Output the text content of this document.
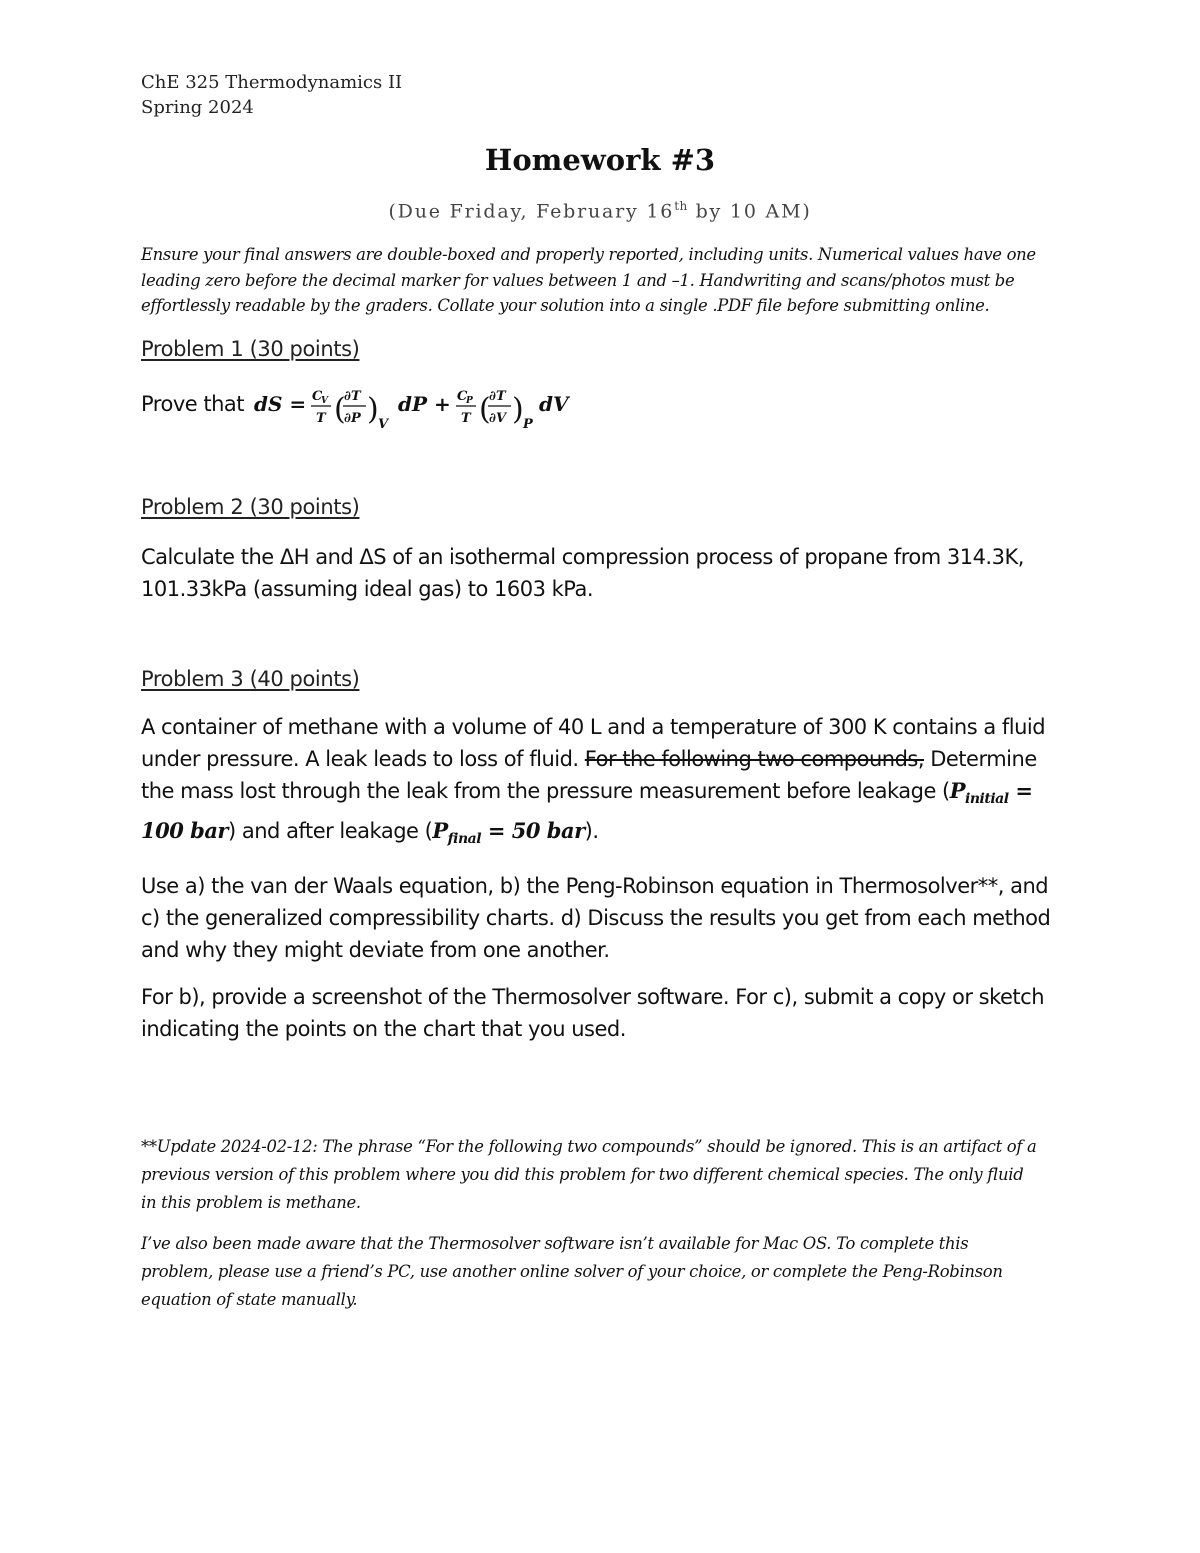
ChE 325 Thermodynamics II
Spring 2024
Homework #3
(Due Friday, February 16th by 10 AM)
Ensure your final answers are double-boxed and properly reported, including units. Numerical values have one leading zero before the decimal marker for values between 1 and –1. Handwriting and scans/photos must be effortlessly readable by the graders. Collate your solution into a single .PDF file before submitting online.
Problem 1 (30 points)
Prove that dS = C
V
T (
∂T
∂P ) V
dP + C
P
T (
∂T
∂V ) P
dV
Problem 2 (30 points)

Calculate the ΔH and ΔS of an isothermal compression process of propane from 314.3K, 101.33kPa (assuming ideal gas) to 1603 kPa.

Problem 3 (40 points)

A container of methane with a volume of 40 L and a temperature of 300 K contains a fluid under pressure. A leak leads to loss of fluid. For the following two compounds, Determine the mass lost through the leak from the pressure measurement before leakage ($P_{initial} = 100$ bar) and after leakage ($P_{final} = 50$ bar).

Use a) the van der Waals equation, b) the Peng-Robinson equation in Thermosolver**, and c) the generalized compressibility charts. d) Discuss the results you get from each method and why they might deviate from one another.

For b), provide a screenshot of the Thermosolver software. For c), submit a copy or sketch indicating the points on the chart that you used.

**Update 2024-02-12: The phrase “For the following two compounds” should be ignored. This is an artifact of a previous version of this problem where you did this problem for two different chemical species. The only fluid in this problem is methane.

I’ve also been made aware that the Thermosolver software isn’t available for Mac OS. To complete this problem, please use a friend’s PC, use another online solver of your choice, or complete the Peng-Robinson equation of state manually.
